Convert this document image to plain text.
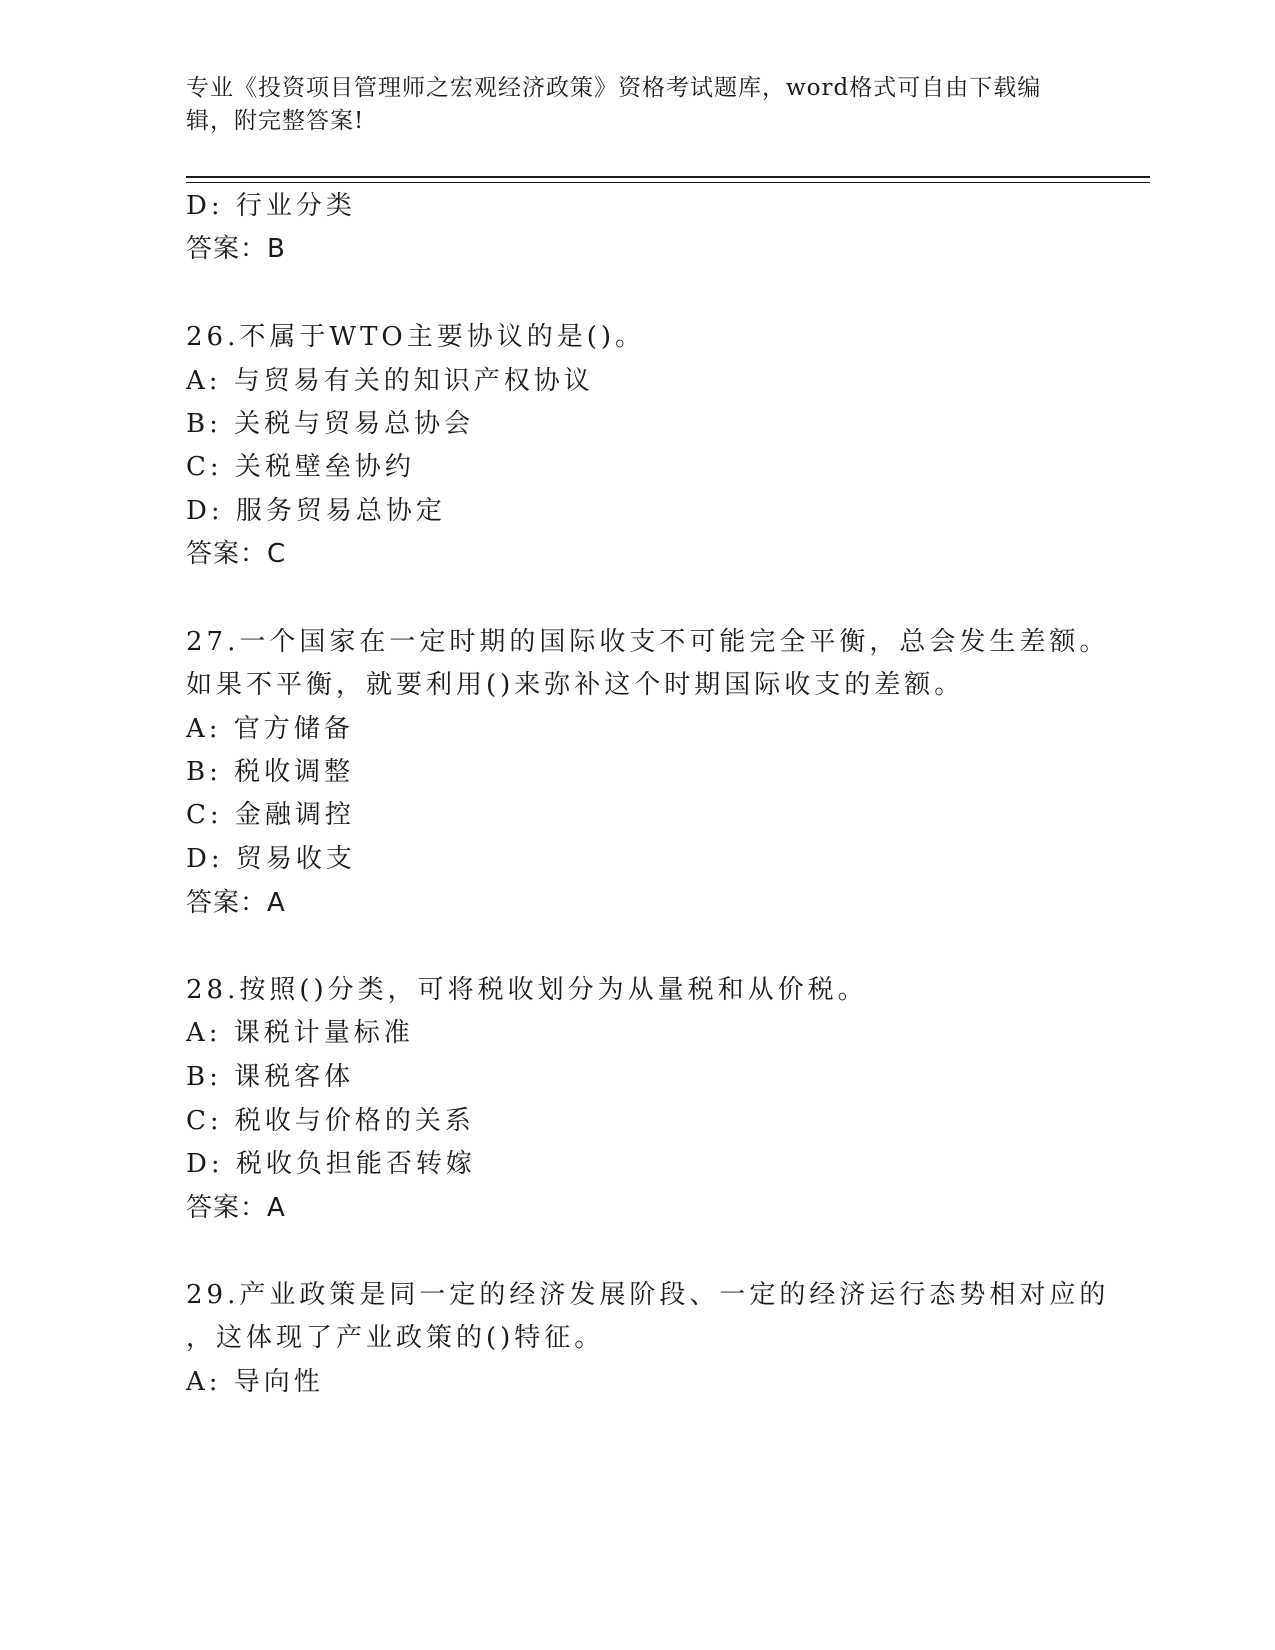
专业《投资项目管理师之宏观经济政策》资格考试题库，word格式可自由下载编
辑，附完整答案!

D: 行业分类

答案：B

26.不属于WTO主要协议的是()。

A: 与贸易有关的知识产权协议

B: 关税与贸易总协会

C: 关税壁垒协约

D: 服务贸易总协定

答案：C

27.一个国家在一定时期的国际收支不可能完全平衡，总会发生差额。

如果不平衡，就要利用()来弥补这个时期国际收支的差额。

A: 官方储备

B: 税收调整

C: 金融调控

D: 贸易收支

答案：A

28.按照()分类，可将税收划分为从量税和从价税。

A: 课税计量标准

B: 课税客体

C: 税收与价格的关系

D: 税收负担能否转嫁

答案：A

29.产业政策是同一定的经济发展阶段、一定的经济运行态势相对应的

，这体现了产业政策的()特征。

A: 导向性
